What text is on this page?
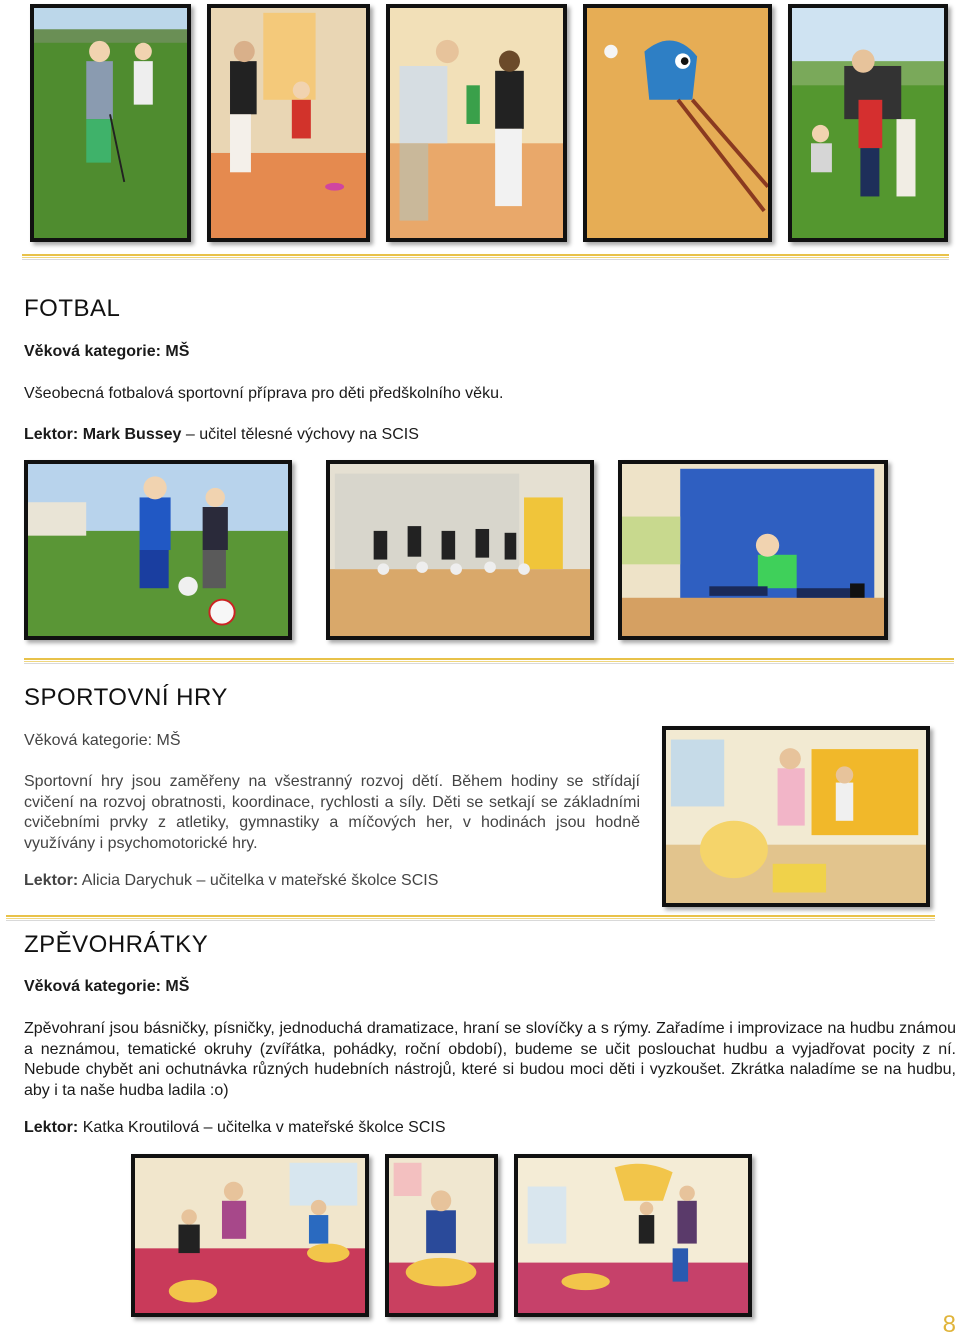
FOTBAL

Věková kategorie: MŠ

Všeobecná fotbalová sportovní příprava pro děti předškolního věku.

Lektor: Mark Bussey – učitel tělesné výchovy na SCIS

SPORTOVNÍ HRY

Věková kategorie: MŠ

Sportovní hry jsou zaměřeny na všestranný rozvoj dětí. Během hodiny se střídají cvičení na rozvoj obratnosti, koordinace, rychlosti a síly. Děti se setkají se základními cvičebními prvky z atletiky, gymnastiky a míčových her, v hodinách jsou hodně využívány i psychomotorické hry.

Lektor: Alicia Darychuk – učitelka v mateřské školce SCIS

ZPĚVOHRÁTKY

Věková kategorie: MŠ

Zpěvohraní jsou básničky, písničky, jednoduchá dramatizace, hraní se slovíčky a s rýmy. Zařadíme i improvizace na hudbu známou a neznámou, tematické okruhy (zvířátka, pohádky, roční období), budeme se učit poslouchat hudbu a vyjadřovat pocity z ní. Nebude chybět ani ochutnávka různých hudebních nástrojů, které si budou moci děti i vyzkoušet. Zkrátka naladíme se na hudbu, aby i ta naše hudba ladila :o)

Lektor: Katka Kroutilová – učitelka v mateřské školce SCIS

8
